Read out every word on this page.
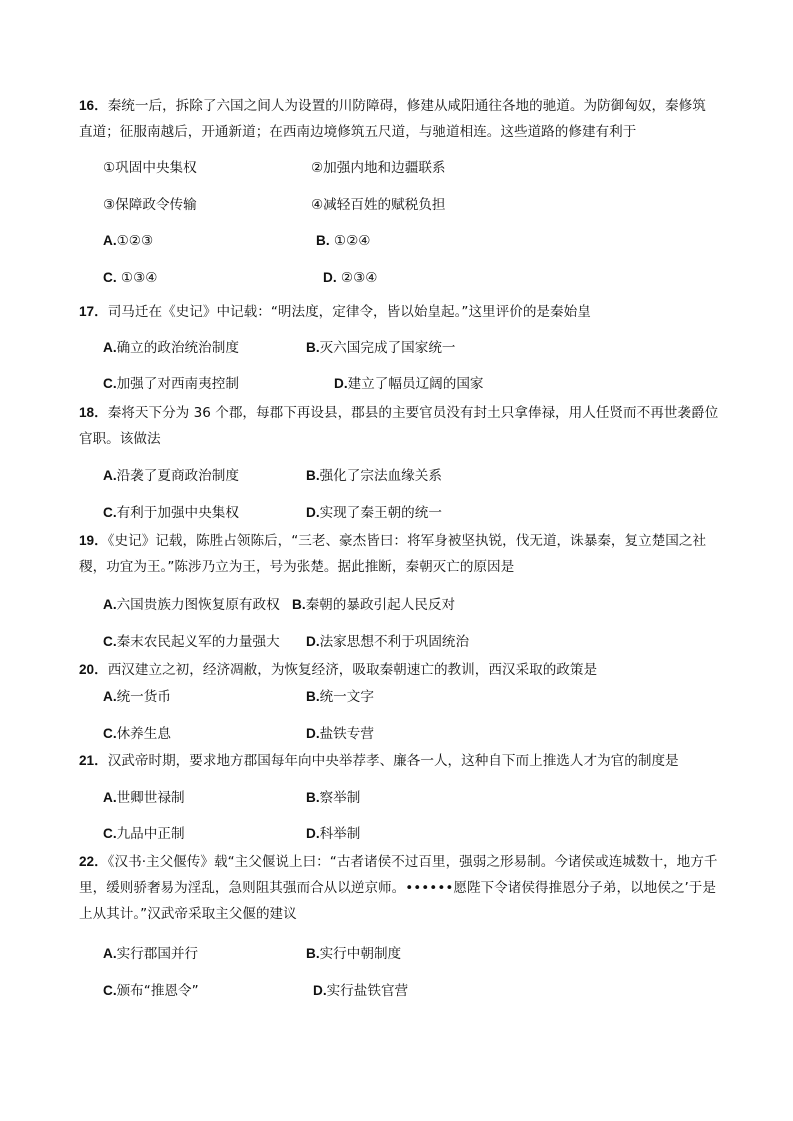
16．秦统一后，拆除了六国之间人为设置的川防障碍，修建从咸阳通往各地的驰道。为防御匈奴，秦修筑直道；征服南越后，开通新道；在西南边境修筑五尺道，与驰道相连。这些道路的修建有利于
①巩固中央集权	②加强内地和边疆联系
③保障政令传输	④减轻百姓的赋税负担
A.①②③	B. ①②④
C. ①③④	D. ②③④
17．司马迁在《史记》中记载：“明法度，定律令，皆以始皇起。”这里评价的是秦始皇
A.确立的政治统治制度	B.灭六国完成了国家统一
C.加强了对西南夷控制	D.建立了幅员辽阔的国家
18．秦将天下分为 36 个郡，每郡下再设县，郡县的主要官员没有封土只拿俸禄，用人任贤而不再世袭爵位官职。该做法
A.沿袭了夏商政治制度	B.强化了宗法血缘关系
C.有利于加强中央集权	D.实现了秦王朝的统一
19．《史记》记载，陈胜占领陈后，“三老、豪杰皆曰：将军身被坚执锐，伐无道，诛暴秦，复立楚国之社稷，功宜为王。”陈涉乃立为王，号为张楚。据此推断，秦朝灭亡的原因是
A.六国贵族力图恢复原有政权 B.秦朝的暴政引起人民反对
C.秦末农民起义军的力量强大 D.法家思想不利于巩固统治
20．西汉建立之初，经济凋敝，为恢复经济，吸取秦朝速亡的教训，西汉采取的政策是
A.统一货币	B.统一文字
C.休养生息	D.盐铁专营
21．汉武帝时期，要求地方郡国每年向中央举荐孝、廉各一人，这种自下而上推选人才为官的制度是
A.世卿世禄制	B.察举制
C.九品中正制	D.科举制
22．《汉书·主父偃传》载“主父偃说上曰：“古者诸侯不过百里，强弱之形易制。今诸侯或连城数十，地方千里，缓则骄奢易为淫乱，急则阻其强而合从以逆京师。••••••愿陛下令诸侯得推恩分子弟，以地侯之’于是上从其计。”汉武帝采取主父偃的建议
A.实行郡国并行	B.实行中朝制度
C.颁布“推恩令”	D.实行盐铁官营
